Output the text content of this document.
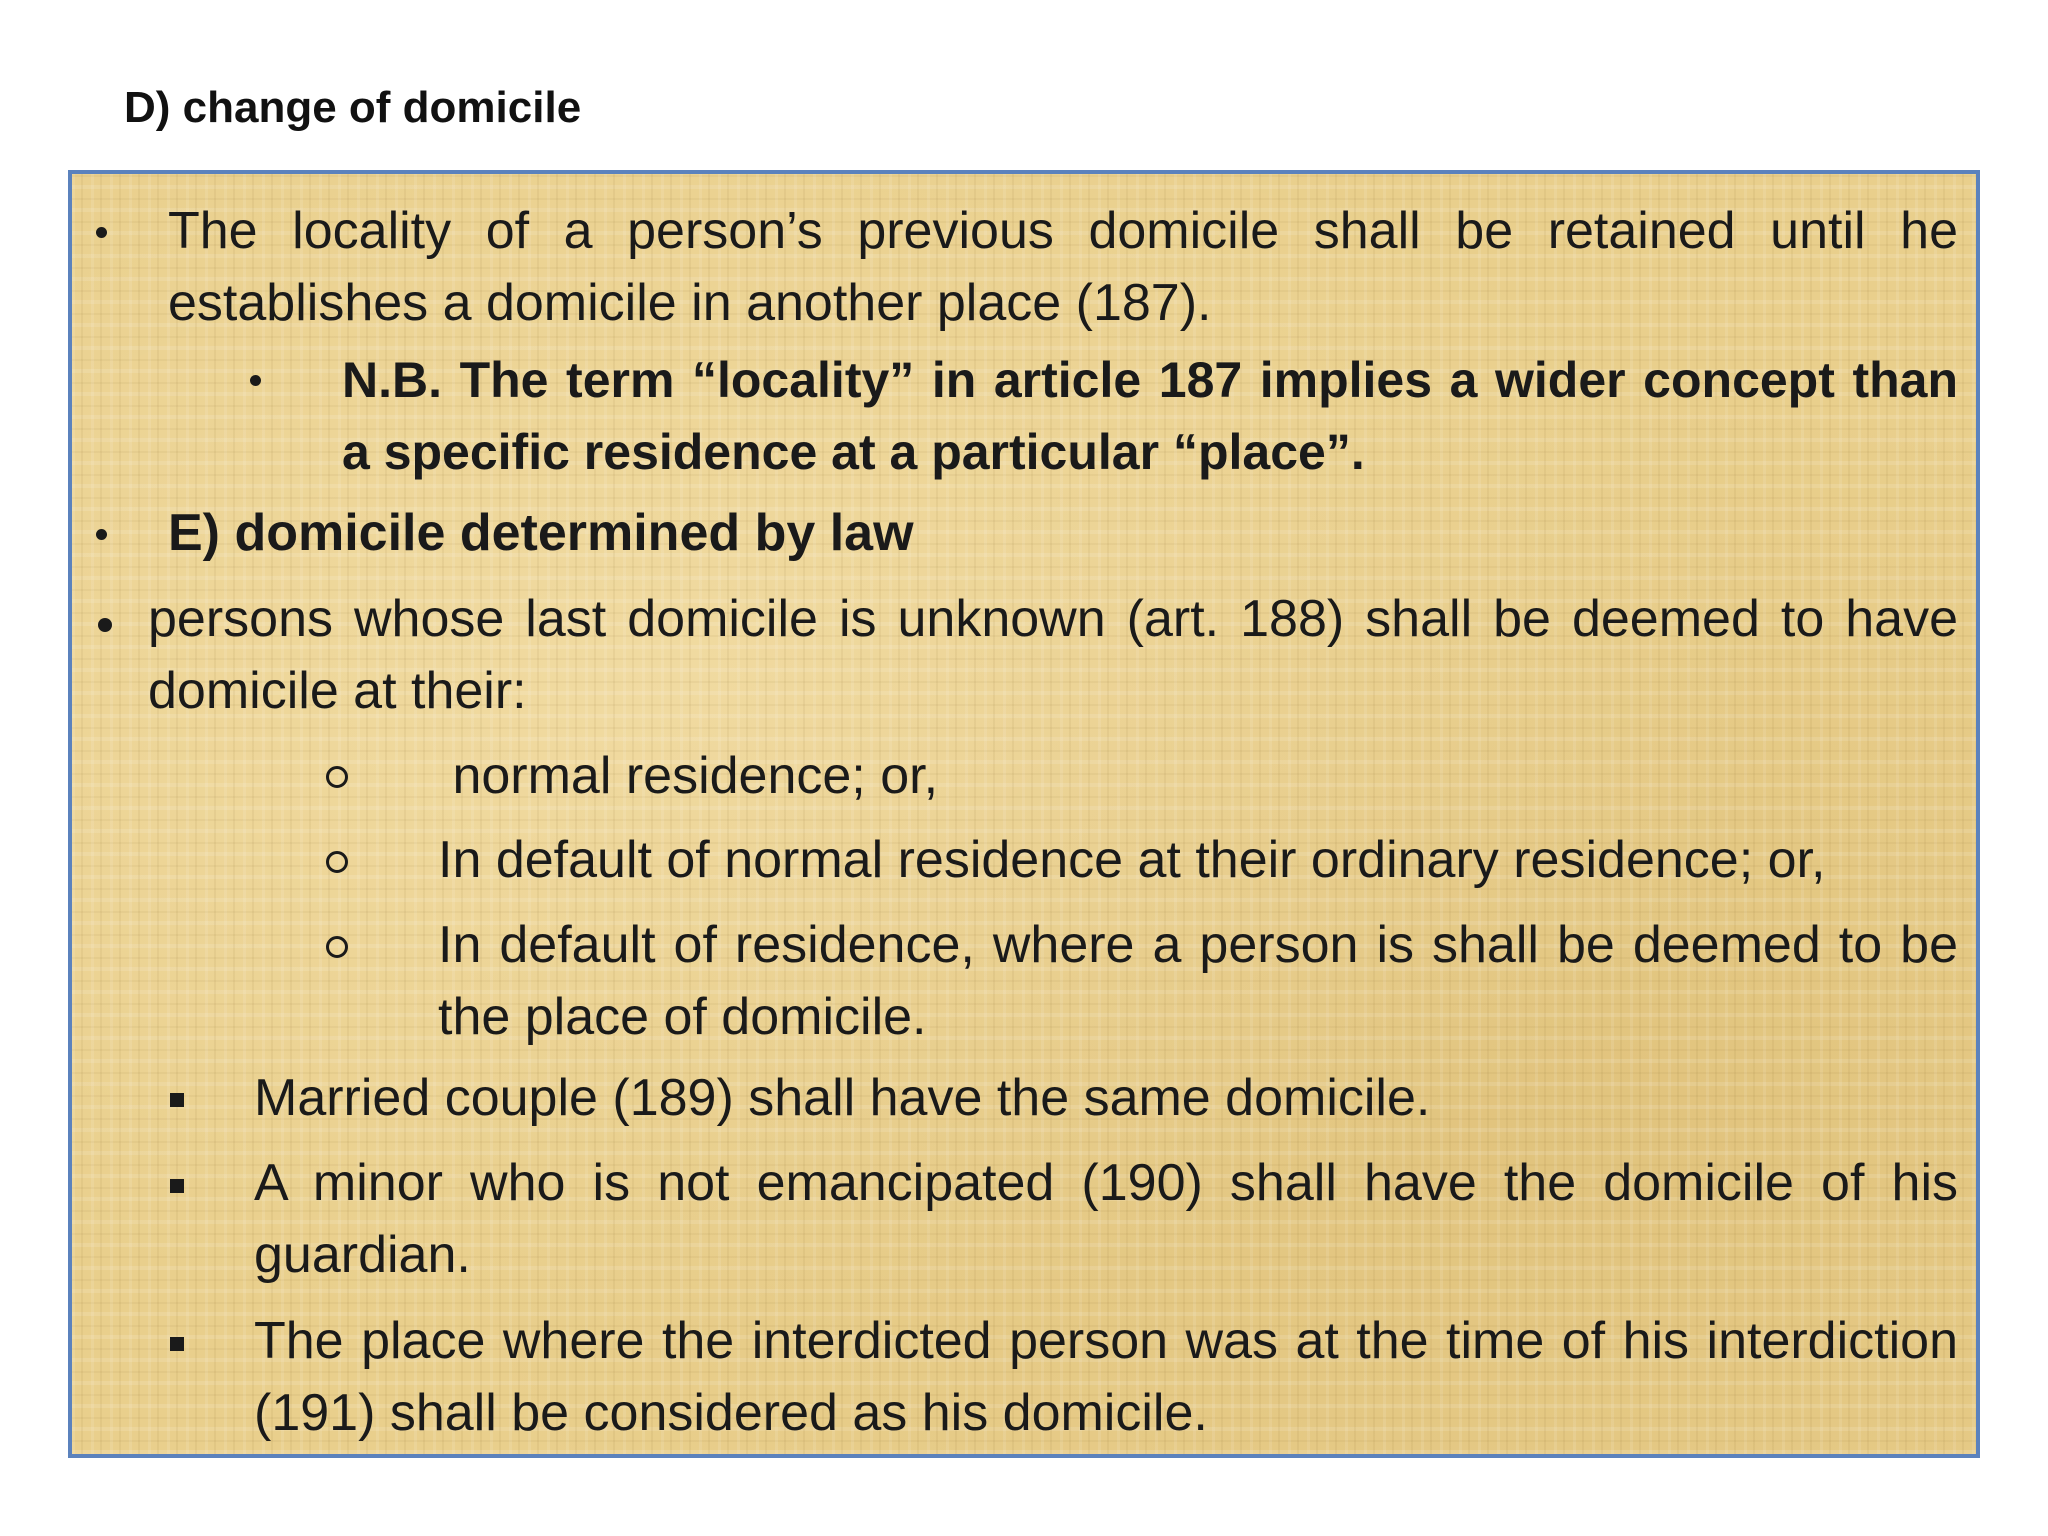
D) change of domicile
The locality of a person’s previous domicile shall be retained until he establishes a domicile in another place (187).
N.B. The term “locality” in article 187 implies a wider concept than a specific residence at a particular “place”.
E) domicile determined by law
persons whose last domicile is unknown (art. 188) shall be deemed to have domicile at their:
normal residence; or,
In default of normal residence at their ordinary residence; or,
In default of residence, where a person is shall be deemed to be the place of domicile.
Married couple (189) shall have the same domicile.
A minor who is not emancipated (190) shall have the domicile of his guardian.
The place where the interdicted person was at the time of his interdiction (191) shall be considered as his domicile.
